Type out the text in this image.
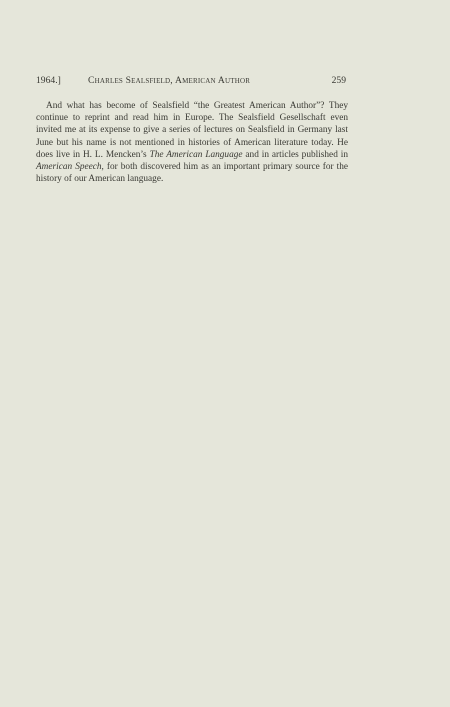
1964.]	Charles Sealsfield, American Author	259

And what has become of Sealsfield “the Greatest American Author”? They continue to reprint and read him in Europe. The Sealsfield Gesellschaft even invited me at its expense to give a series of lectures on Sealsfield in Germany last June but his name is not mentioned in histories of American literature today. He does live in H. L. Mencken’s The American Language and in articles published in American Speech, for both discovered him as an important primary source for the history of our American language.
